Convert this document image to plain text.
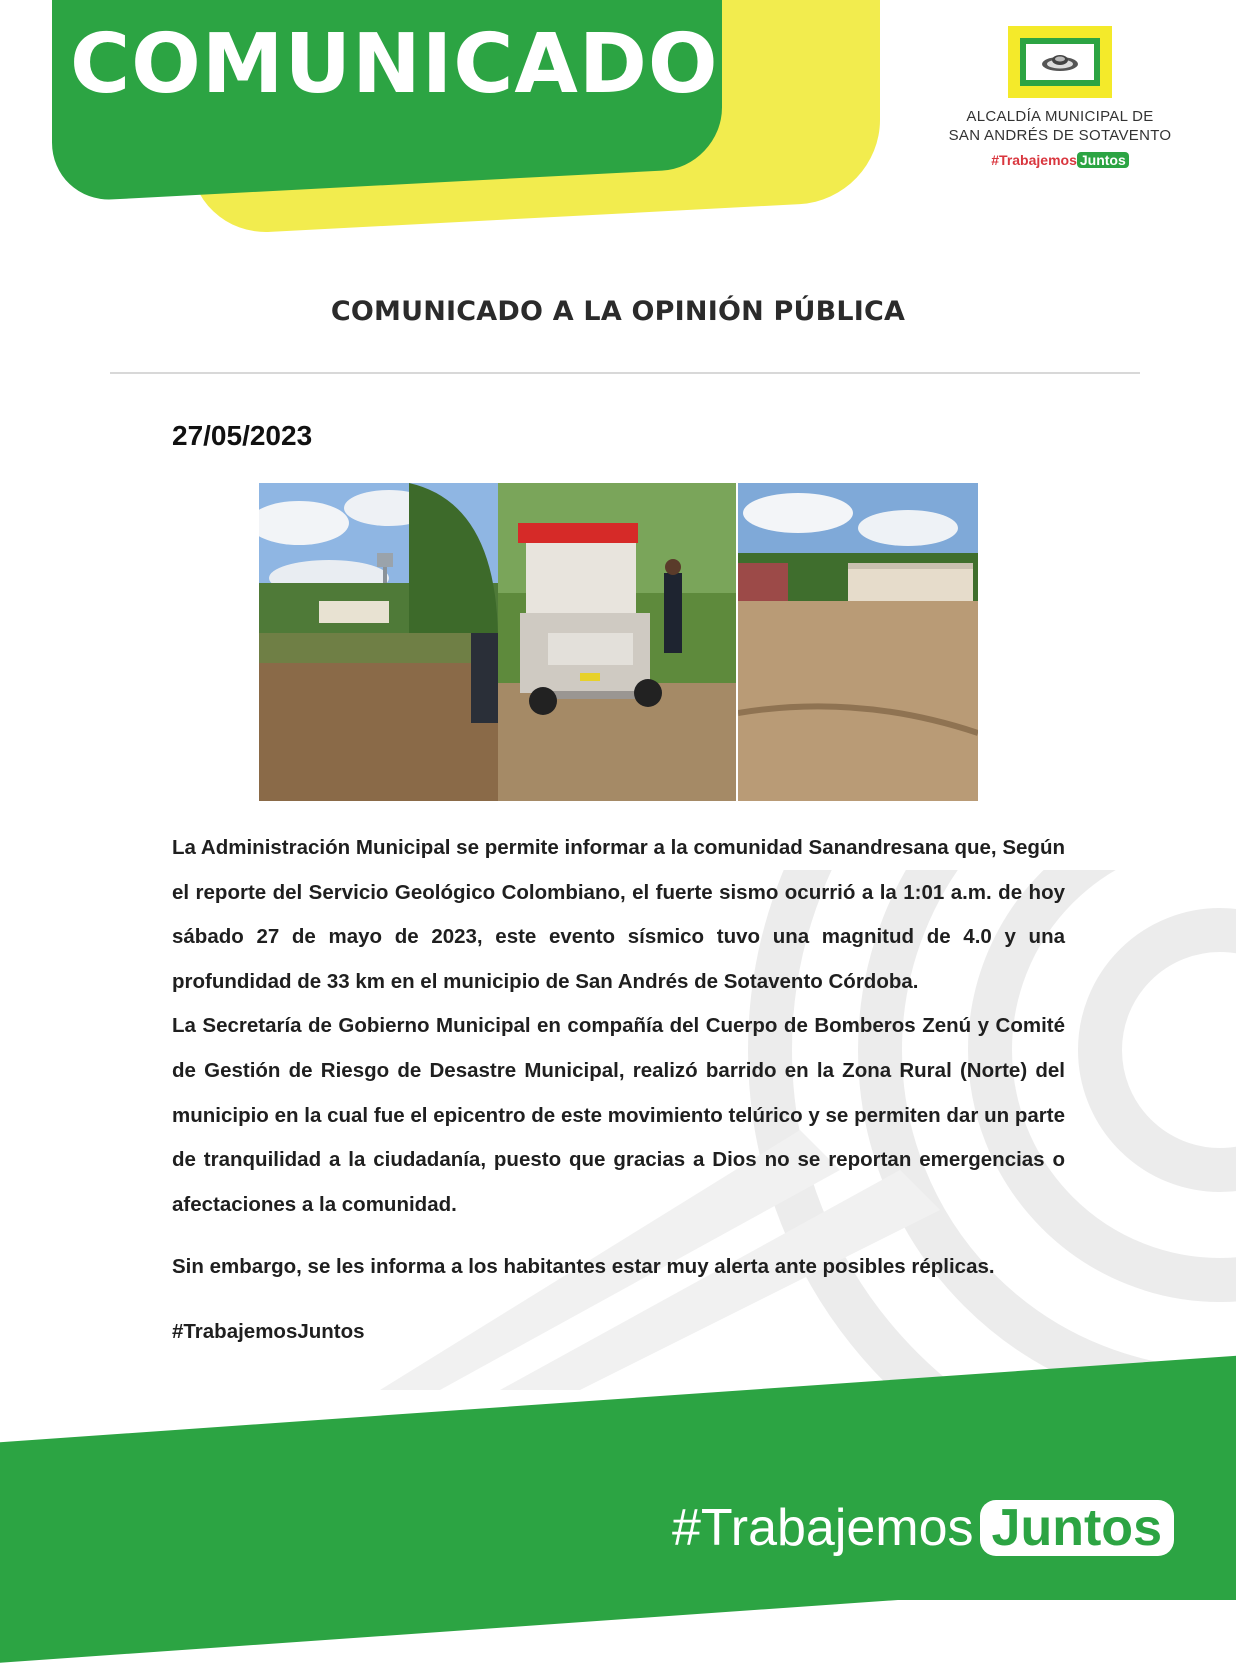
COMUNICADO
ALCALDÍA MUNICIPAL DE
SAN ANDRÉS DE SOTAVENTO
#Trabajemos Juntos
COMUNICADO A LA OPINIÓN PÚBLICA
27/05/2023

La Administración Municipal se permite informar a la comunidad Sanandresana que, Según el reporte del Servicio Geológico Colombiano, el fuerte sismo ocurrió a la 1:01 a.m. de hoy sábado 27 de mayo de 2023, este evento sísmico tuvo una magnitud de 4.0 y una profundidad de 33 km en el municipio de San Andrés de Sotavento Córdoba.

La Secretaría de Gobierno Municipal en compañía del Cuerpo de Bomberos Zenú y Comité de Gestión de Riesgo de Desastre Municipal, realizó barrido en la Zona Rural (Norte) del municipio en la cual fue el epicentro de este movimiento telúrico y se permiten dar un parte de tranquilidad a la ciudadanía, puesto que gracias a Dios no se reportan emergencias o afectaciones a la comunidad.

Sin embargo, se les informa a los habitantes estar muy alerta ante posibles réplicas.

#TrabajemosJuntos

#Trabajemos Juntos
